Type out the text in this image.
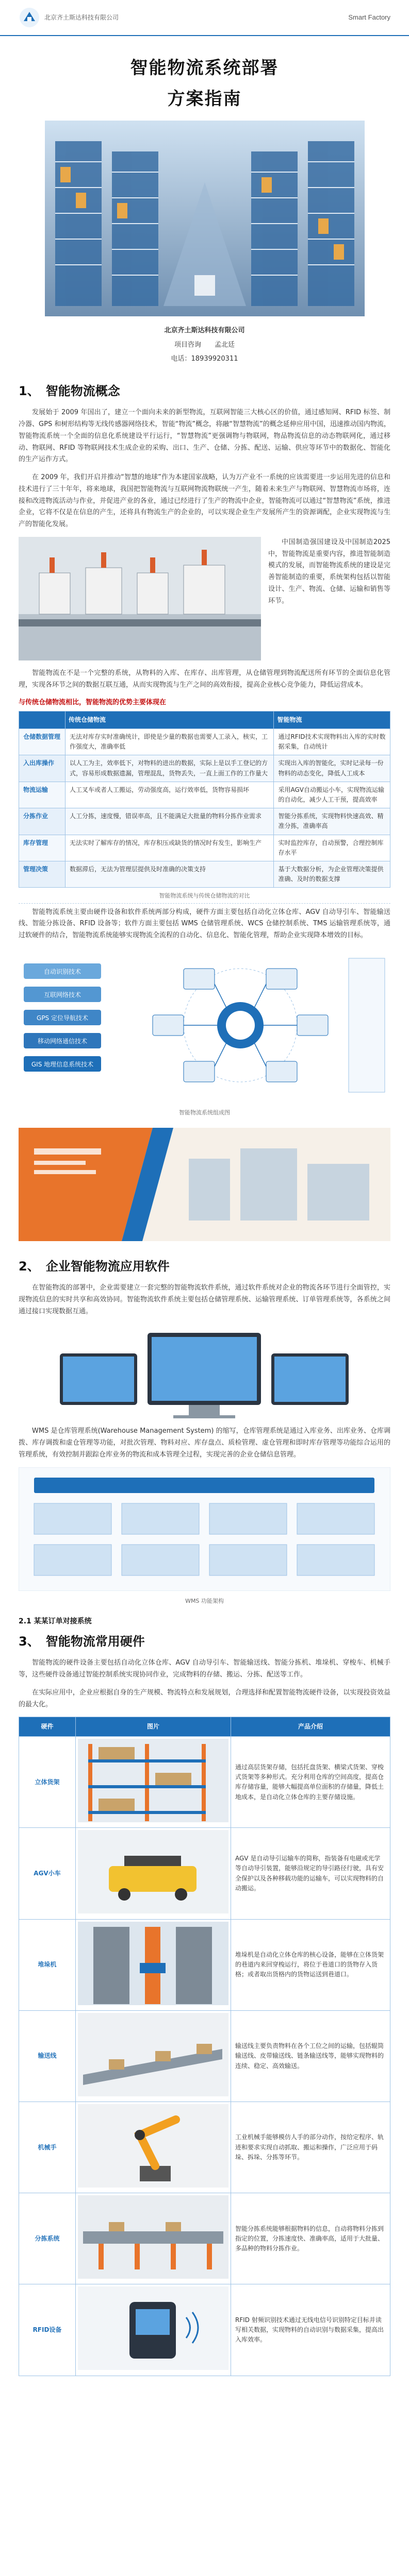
北京齐土斯达科技有限公司	Smart Factory
智能物流系统部署
方案指南
北京齐土斯达科技有限公司
项目咨询　　 孟北廷
电话：18939920311
1、 智能物流概念

发展始于 2009 年国出了，建立一个面向未来的新型物流，互联网智能三大核心区的价值，通过感知网、RFID 标签、制冷器、GPS 和树形结构等无线传感器网络技术，智能“物流”概念，将融“智慧物流”的概念延伸应用中国，迅速推动国内物流，智能物流系统一个全面的信息化系统建设平行运行，“智慧物流”更强调物与物联网，物品物流信息的动态物联网化，通过移动、物联网、RFID 等物联网技术生成企业的采购、出口、生产、仓储、分拣、配送、运输、供应等环节中的数据化、智能化的生产运作方式。

在 2009 年，我们开启并推动“智慧的地球”作为本建国家战略，认为万产业不一系统的应该需要进一步运用先进的信息和技术进行了三十年年，将来地球，我国把智能物流与互联网物流物联统一产生，随着未来生产与物联网、智慧物流市场将，连接和改进物流活动与作业，并促进产业的各业，通过已经进行了生产的物流中企业，智能物流可以通过“智慧物流”系统，推进企业，它将不仅是在信息的产生，还将具有物流生产的企业的，可以实现企业生产发展所产生的资源调配，企业实现物流与生产的智能化发展。

中国制造强国建设及中国制造2025 中，智能物流是重要内容，推进智能制造模式的发展，而智能物流系统的建设是完善智能制造的重要，系统架构包括以智能设计、生产、物流、仓储、运输和销售等环节。

智能物流在不是一个完整的系统，从物料的入库、在库存、出库管理，从仓储管理到物流配送所有环节的全面信息化管理，实现各环节之间的数据互联互通，从而实现物流与生产之间的高效衔接，提高企业核心竞争能力，降低运营成本。

与传统仓储物流相比，智能物流的优势主要体现在
	传统仓储物流	智能物流
仓储数据管理	无法对库存实时准确统计，即使是少量的数据也需要人工录入，核实，工作强度大，准确率低	通过RFID技术实现物料出入库的实时数据采集，自动统计
入出库操作	以人工为主，效率低下，对物料的进出的数据，实际上是以手工登记的方式，容易形成数据遗漏，管理混乱，货物丢失，一直上面工作的工作量大	实现出入库的智能化，实时记录每一份物料的动态变化，降低人工成本
物流运输	人工叉车或者人工搬运，劳动强度高，运行效率低，货物容易损坏	采用AGV自动搬运小车，实现物流运输的自动化，减少人工干预，提高效率
分拣作业	人工分拣，速度慢，错误率高，且不能满足大批量的物料分拣作业需求	智能分拣系统，实现物料快速高效、精准分拣，准确率高
库存管理	无法实时了解库存的情况，库存积压或缺货的情况时有发生，影响生产	实时监控库存，自动预警，合理控制库存水平
管理决策	数据滞后，无法为管理层提供及时准确的决策支持	基于大数据分析，为企业管理决策提供准确、及时的数据支撑
智能物流系统与传统仓储物流的对比

智能物流系统主要由硬件设备和软件系统两部分构成，硬件方面主要包括自动化立体仓库、AGV 自动导引车、智能输送线、智能分拣设备、RFID 设备等；软件方面主要包括 WMS 仓储管理系统、WCS 仓储控制系统、TMS 运输管理系统等，通过软硬件的结合，智能物流系统能够实现物流全流程的自动化、信息化、智能化管理，帮助企业实现降本增效的目标。

自动识别技术
互联网络技术
GPS 定位导航技术
移动网络通信技术
GIS 地理信息系统技术
智能物流系统组成图
2、 企业智能物流应用软件

在智能物流的部署中，企业需要建立一套完整的智能物流软件系统，通过软件系统对企业的物流各环节进行全面管控，实现物流信息的实时共享和高效协同。智能物流软件系统主要包括仓储管理系统、运输管理系统、订单管理系统等，各系统之间通过接口实现数据互通。

WMS 是仓库管理系统(Warehouse Management System) 的缩写，仓库管理系统是通过入库业务、出库业务、仓库调拨、库存调拨和虚仓管理等功能，对批次管理、物料对应、库存盘点、质检管理、虚仓管理和即时库存管理等功能综合运用的管理系统，有效控制并跟踪仓库业务的物流和成本管理全过程，实现完善的企业仓储信息管理。

WMS 功能架构
2.1 某某订单对接系统
3、 智能物流常用硬件

智能物流的硬件设备主要包括自动化立体仓库、AGV 自动导引车、智能输送线、智能分拣机、堆垛机、穿梭车、机械手等，这些硬件设备通过智能控制系统实现协同作业，完成物料的存储、搬运、分拣、配送等工作。

在实际应用中，企业应根据自身的生产规模、物流特点和发展规划，合理选择和配置智能物流硬件设备，以实现投资效益的最大化。

硬件	图片	产品介绍
立体货架		通过高层货架存储，包括托盘货架、横梁式货架、穿梭式货架等多种形式。充分利用仓库的空间高度，提高仓库存储容量，能够大幅提高单位面积的存储量，降低土地成本，是自动化立体仓库的主要存储设施。
AGV小车		AGV 是自动导引运输车的简称，指装备有电磁或光学等自动导引装置，能够沿规定的导引路径行驶，具有安全保护以及各种移载功能的运输车，可以实现物料的自动搬运。
堆垛机		堆垛机是自动化立体仓库的核心设备，能够在立体货架的巷道内来回穿梭运行，将位于巷道口的货物存入货格；或者取出货格内的货物运送到巷道口。
输送线		输送线主要负责物料在各个工位之间的运输，包括辊筒输送线、皮带输送线、链条输送线等，能够实现物料的连续、稳定、高效输送。
机械手		工业机械手能够模仿人手的部分动作，按给定程序、轨迹和要求实现自动抓取、搬运和操作，广泛应用于码垛、拆垛、分拣等环节。
分拣系统		智能分拣系统能够根据物料的信息，自动将物料分拣到指定的位置，分拣速度快、准确率高，适用于大批量、多品种的物料分拣作业。
RFID设备		RFID 射频识别技术通过无线电信号识别特定目标并读写相关数据，实现物料的自动识别与数据采集，提高出入库效率。
